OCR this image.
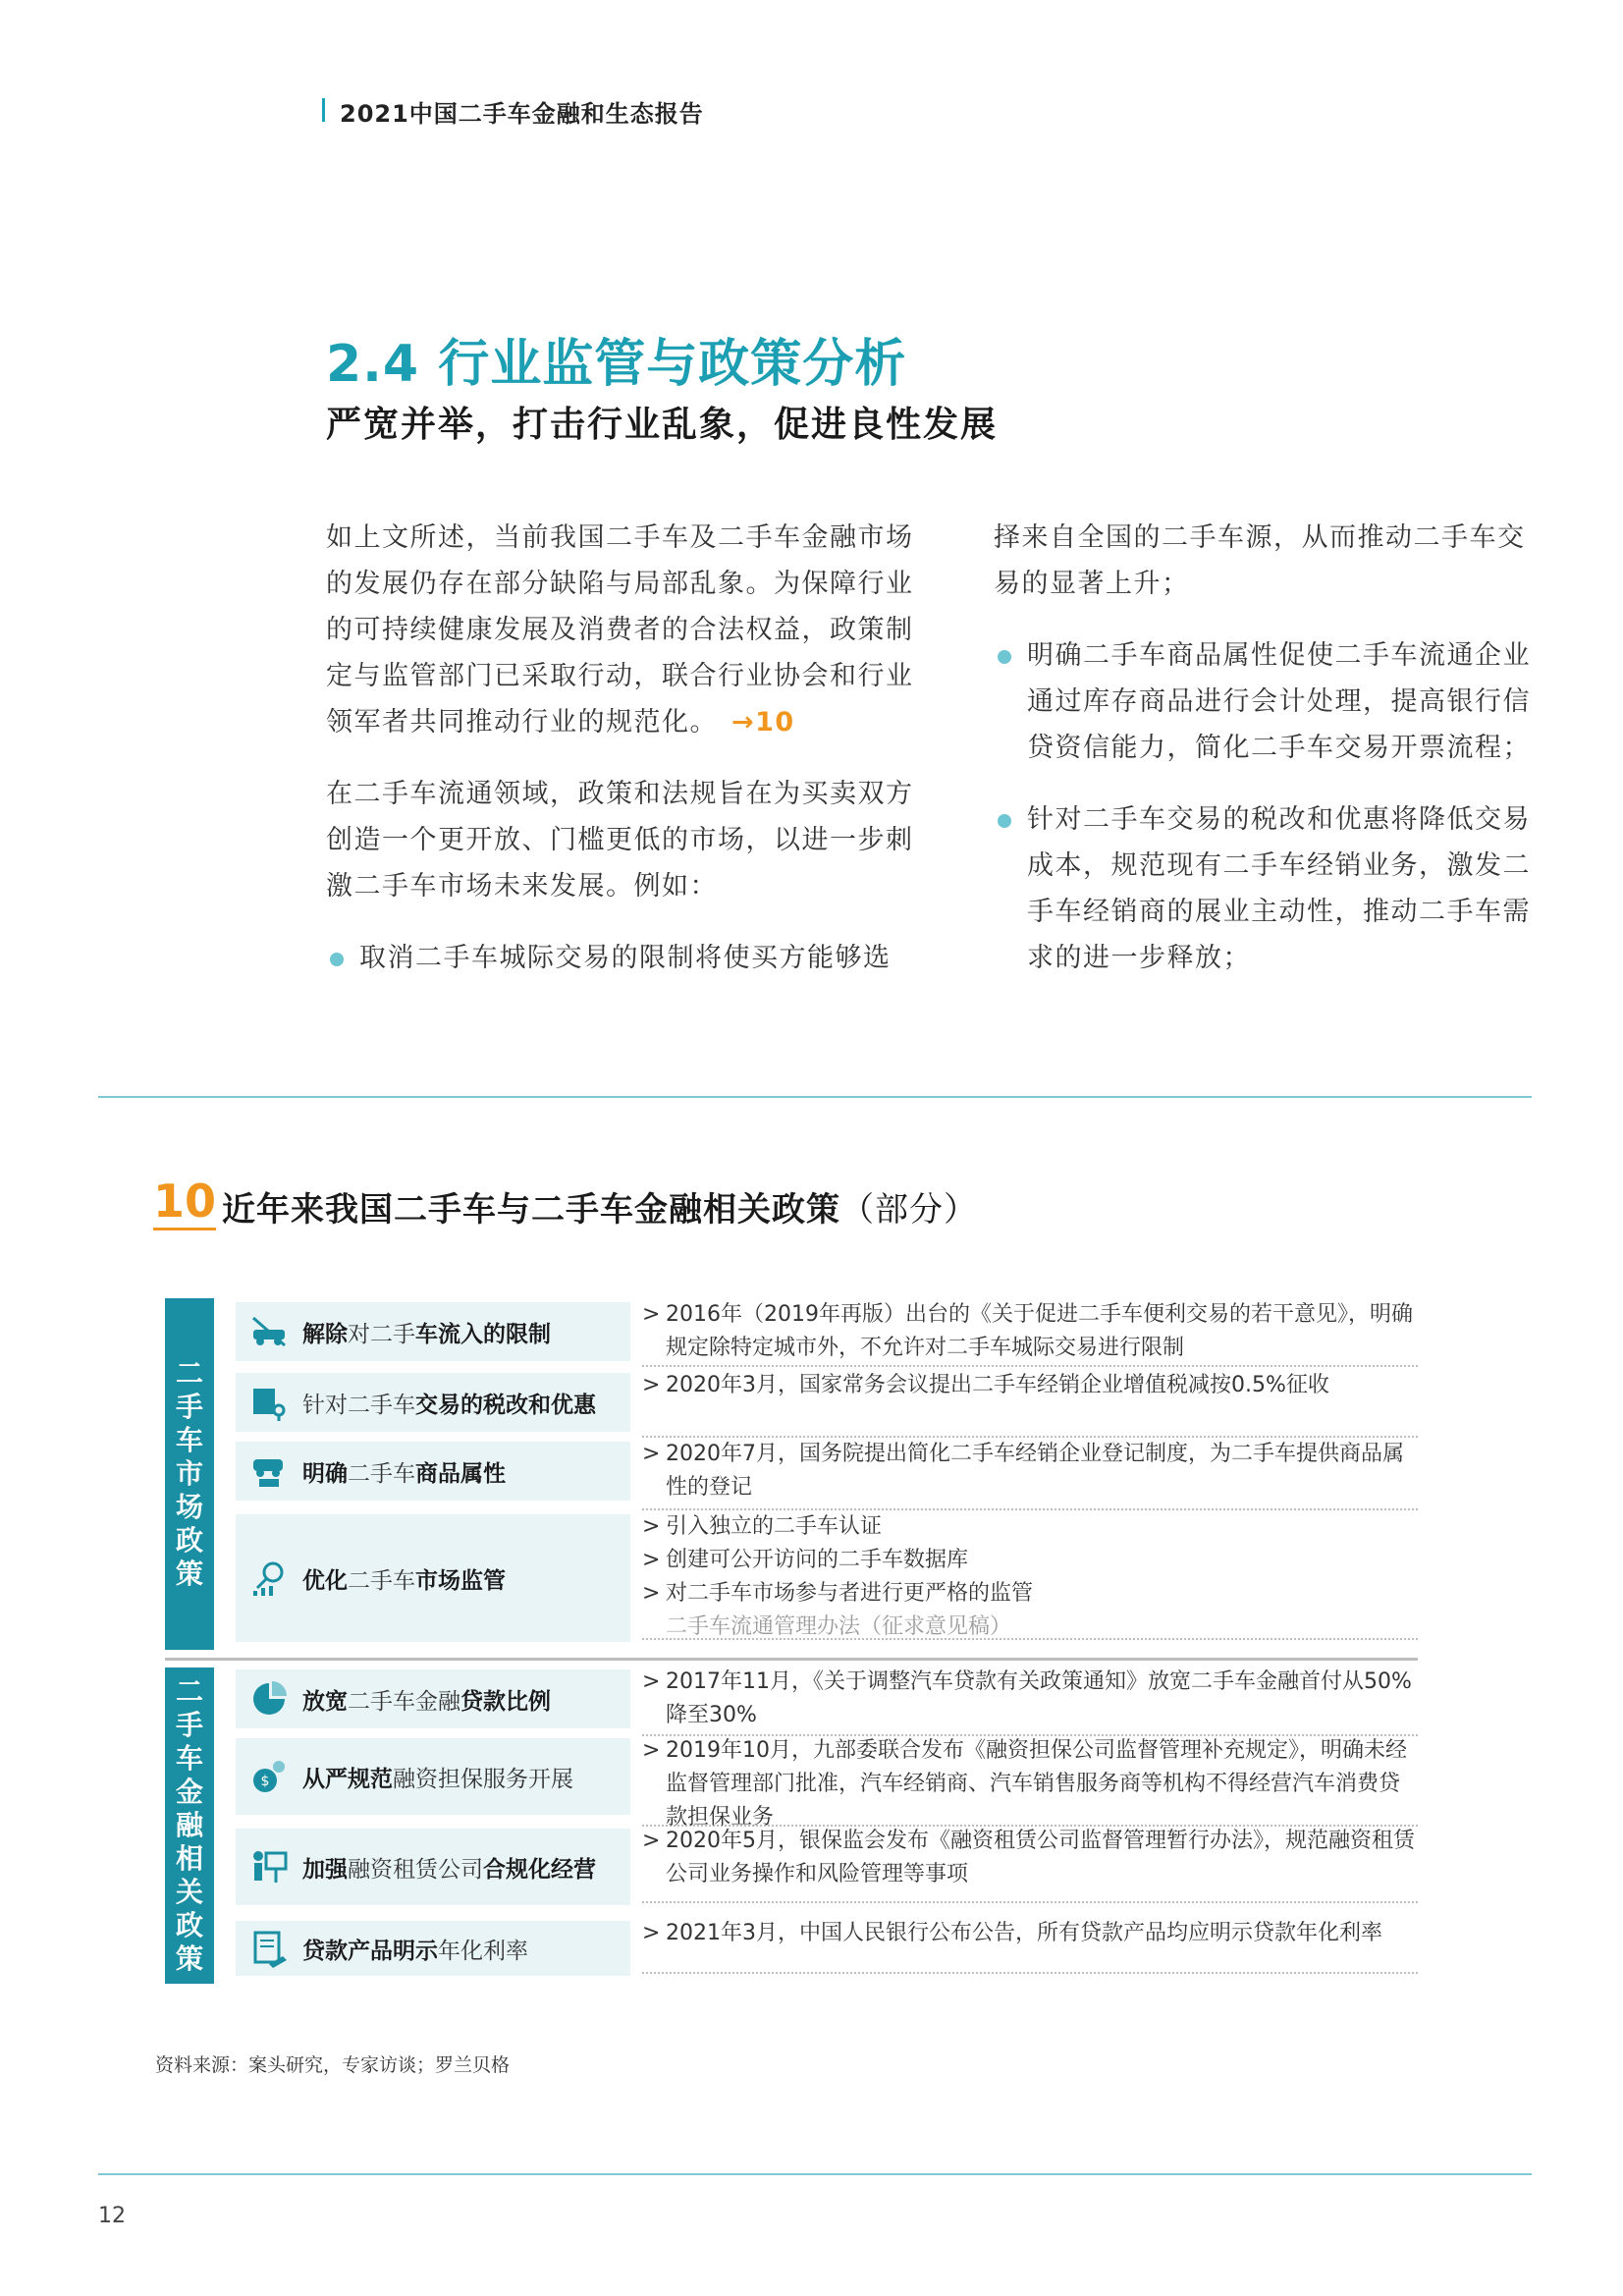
2021中国二手车金融和生态报告
2.4 行业监管与政策分析
严宽并举，打击行业乱象，促进良性发展

如上文所述，当前我国二手车及二手车金融市场的发展仍存在部分缺陷与局部乱象。为保障行业的可持续健康发展及消费者的合法权益，政策制定与监管部门已采取行动，联合行业协会和行业领军者共同推动行业的规范化。 →10

在二手车流通领域，政策和法规旨在为买卖双方创造一个更开放、门槛更低的市场，以进一步刺激二手车市场未来发展。例如：

取消二手车城际交易的限制将使买方能够选

择来自全国的二手车源，从而推动二手车交易的显著上升；

明确二手车商品属性促使二手车流通企业通过库存商品进行会计处理，提高银行信贷资信能力，简化二手车交易开票流程；

针对二手车交易的税改和优惠将降低交易成本，规范现有二手车经销业务，激发二手车经销商的展业主动性，推动二手车需求的进一步释放；

10 近年来我国二手车与二手车金融相关政策（部分）
二
手
车
市
场
政
策
二
手
车
金
融
相
关
政
策
解除对二手车流入的限制
> 2016年（2019年再版）出台的《关于促进二手车便利交易的若干意见》，明确规定除特定城市外，不允许对二手车城际交易进行限制
针对二手车交易的税改和优惠
> 2020年3月，国家常务会议提出二手车经销企业增值税减按0.5%征收
明确二手车商品属性
> 2020年7月，国务院提出简化二手车经销企业登记制度，为二手车提供商品属性的登记
优化二手车市场监管
> 引入独立的二手车认证
> 创建可公开访问的二手车数据库
> 对二手车市场参与者进行更严格的监管
二手车流通管理办法（征求意见稿）
放宽二手车金融贷款比例
> 2017年11月，《关于调整汽车贷款有关政策通知》放宽二手车金融首付从50%降至30%
$ 从严规范融资担保服务开展
> 2019年10月，九部委联合发布《融资担保公司监督管理补充规定》，明确未经监督管理部门批准，汽车经销商、汽车销售服务商等机构不得经营汽车消费贷款担保业务
加强融资租赁公司合规化经营
> 2020年5月，银保监会发布《融资租赁公司监督管理暂行办法》，规范融资租赁公司业务操作和风险管理等事项
贷款产品明示年化利率
> 2021年3月，中国人民银行公布公告，所有贷款产品均应明示贷款年化利率
资料来源：案头研究，专家访谈；罗兰贝格
12
